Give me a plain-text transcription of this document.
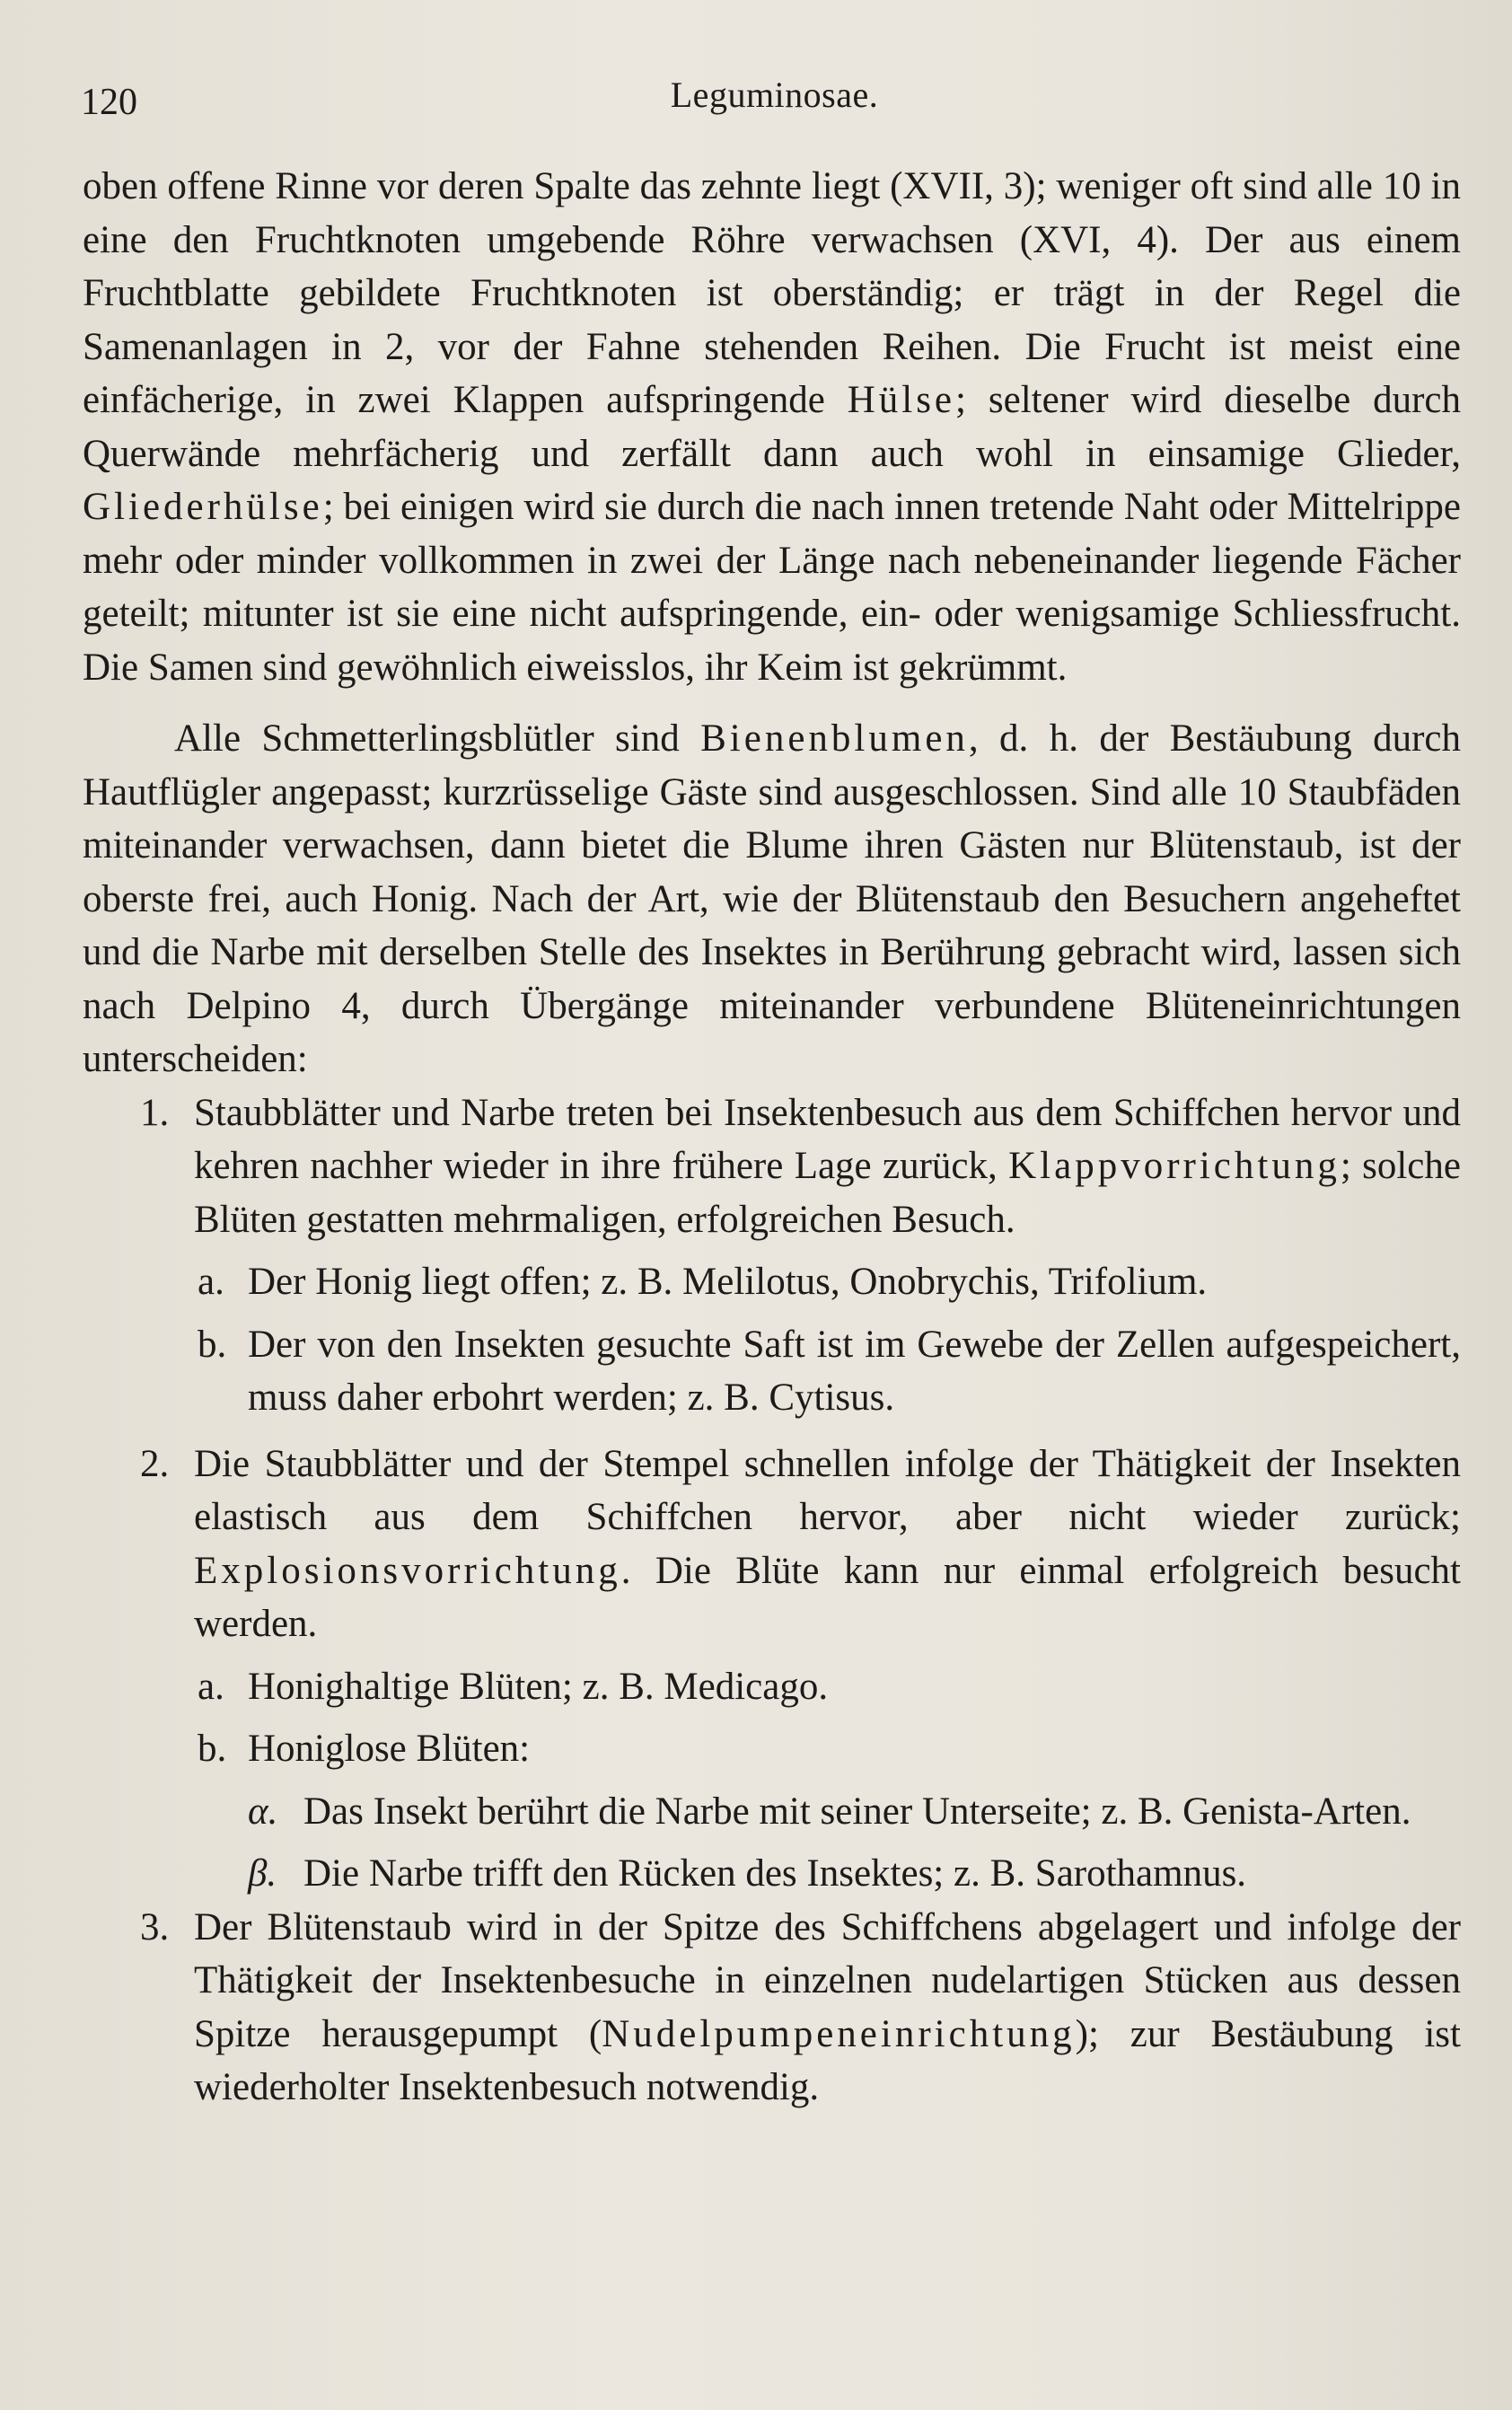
120	Leguminosae.

oben offene Rinne vor deren Spalte das zehnte liegt (XVII, 3); weniger oft sind alle 10 in eine den Fruchtknoten umgebende Röhre verwachsen (XVI, 4). Der aus einem Fruchtblatte gebildete Fruchtknoten ist oberständig; er trägt in der Regel die Samenanlagen in 2, vor der Fahne stehenden Reihen. Die Frucht ist meist eine einfächerige, in zwei Klappen aufspringende Hülse; seltener wird dieselbe durch Querwände mehrfächerig und zerfällt dann auch wohl in einsamige Glieder, Gliederhülse; bei einigen wird sie durch die nach innen tretende Naht oder Mittelrippe mehr oder minder vollkommen in zwei der Länge nach nebeneinander liegende Fächer geteilt; mitunter ist sie eine nicht aufspringende, ein- oder wenigsamige Schliessfrucht. Die Samen sind gewöhnlich eiweisslos, ihr Keim ist gekrümmt.

Alle Schmetterlingsblütler sind Bienenblumen, d. h. der Bestäubung durch Hautflügler angepasst; kurzrüsselige Gäste sind ausgeschlossen. Sind alle 10 Staubfäden miteinander verwachsen, dann bietet die Blume ihren Gästen nur Blütenstaub, ist der oberste frei, auch Honig. Nach der Art, wie der Blütenstaub den Besuchern angeheftet und die Narbe mit derselben Stelle des Insektes in Berührung gebracht wird, lassen sich nach Delpino 4, durch Übergänge miteinander verbundene Blüteneinrichtungen unterscheiden:

1. Staubblätter und Narbe treten bei Insektenbesuch aus dem Schiffchen hervor und kehren nachher wieder in ihre frühere Lage zurück, Klappvorrichtung; solche Blüten gestatten mehrmaligen, erfolgreichen Besuch.
a. Der Honig liegt offen; z. B. Melilotus, Onobrychis, Trifolium.
b. Der von den Insekten gesuchte Saft ist im Gewebe der Zellen aufgespeichert, muss daher erbohrt werden; z. B. Cytisus.
2. Die Staubblätter und der Stempel schnellen infolge der Thätigkeit der Insekten elastisch aus dem Schiffchen hervor, aber nicht wieder zurück; Explosionsvorrichtung. Die Blüte kann nur einmal erfolgreich besucht werden.
a. Honighaltige Blüten; z. B. Medicago.
b. Honiglose Blüten:
α. Das Insekt berührt die Narbe mit seiner Unterseite; z. B. Genista-Arten.
β. Die Narbe trifft den Rücken des Insektes; z. B. Sarothamnus.
3. Der Blütenstaub wird in der Spitze des Schiffchens abgelagert und infolge der Thätigkeit der Insektenbesuche in einzelnen nudelartigen Stücken aus dessen Spitze herausgepumpt (Nudelpumpeneinrichtung); zur Bestäubung ist wiederholter Insektenbesuch notwendig.
